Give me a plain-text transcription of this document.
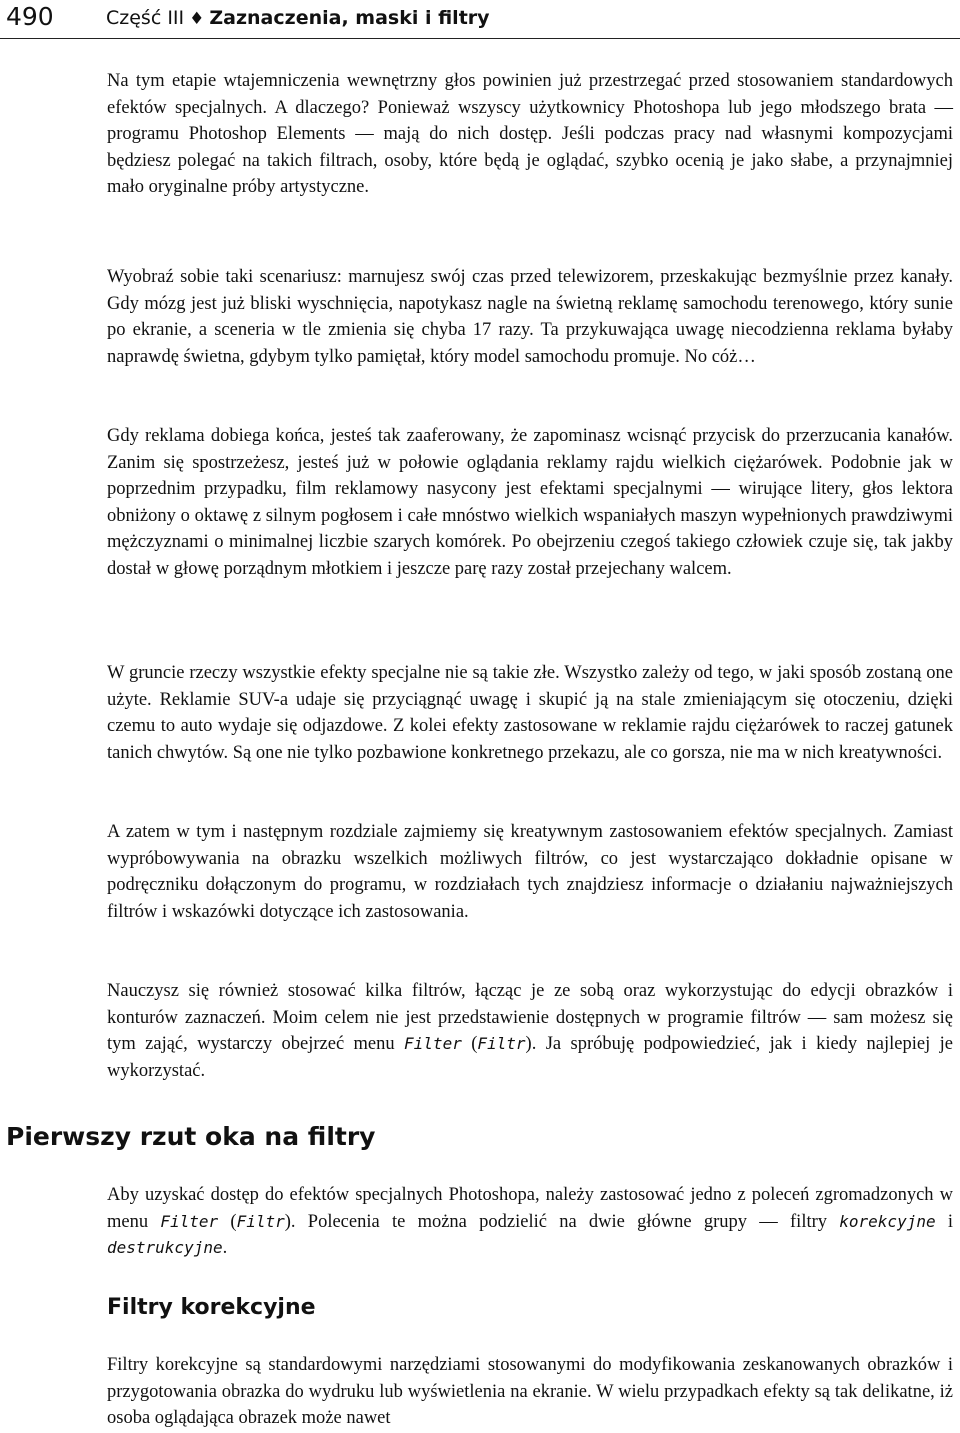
490	Część III ♦ Zaznaczenia, maski i filtry

Na tym etapie wtajemniczenia wewnętrzny głos powinien już przestrzegać przed stosowaniem standardowych efektów specjalnych. A dlaczego? Ponieważ wszyscy użytkownicy Photoshopa lub jego młodszego brata — programu Photoshop Elements — mają do nich dostęp. Jeśli podczas pracy nad własnymi kompozycjami będziesz polegać na takich filtrach, osoby, które będą je oglądać, szybko ocenią je jako słabe, a przynajmniej mało oryginalne próby artystyczne.

Wyobraź sobie taki scenariusz: marnujesz swój czas przed telewizorem, przeskakując bezmyślnie przez kanały. Gdy mózg jest już bliski wyschnięcia, napotykasz nagle na świetną reklamę samochodu terenowego, który sunie po ekranie, a sceneria w tle zmienia się chyba 17 razy. Ta przykuwająca uwagę niecodzienna reklama byłaby naprawdę świetna, gdybym tylko pamiętał, który model samochodu promuje. No cóż…

Gdy reklama dobiega końca, jesteś tak zaaferowany, że zapominasz wcisnąć przycisk do przerzucania kanałów. Zanim się spostrzeżesz, jesteś już w połowie oglądania reklamy rajdu wielkich ciężarówek. Podobnie jak w poprzednim przypadku, film reklamowy nasycony jest efektami specjalnymi — wirujące litery, głos lektora obniżony o oktawę z silnym pogłosem i całe mnóstwo wielkich wspaniałych maszyn wypełnionych prawdziwymi mężczyznami o minimalnej liczbie szarych komórek. Po obejrzeniu czegoś takiego człowiek czuje się, tak jakby dostał w głowę porządnym młotkiem i jeszcze parę razy został przejechany walcem.

W gruncie rzeczy wszystkie efekty specjalne nie są takie złe. Wszystko zależy od tego, w jaki sposób zostaną one użyte. Reklamie SUV-a udaje się przyciągnąć uwagę i skupić ją na stale zmieniającym się otoczeniu, dzięki czemu to auto wydaje się odjazdowe. Z kolei efekty zastosowane w reklamie rajdu ciężarówek to raczej gatunek tanich chwytów. Są one nie tylko pozbawione konkretnego przekazu, ale co gorsza, nie ma w nich kreatywności.

A zatem w tym i następnym rozdziale zajmiemy się kreatywnym zastosowaniem efektów specjalnych. Zamiast wypróbowywania na obrazku wszelkich możliwych filtrów, co jest wystarczająco dokładnie opisane w podręczniku dołączonym do programu, w rozdziałach tych znajdziesz informacje o działaniu najważniejszych filtrów i wskazówki dotyczące ich zastosowania.

Nauczysz się również stosować kilka filtrów, łącząc je ze sobą oraz wykorzystując do edycji obrazków i konturów zaznaczeń. Moim celem nie jest przedstawienie dostępnych w programie filtrów — sam możesz się tym zająć, wystarczy obejrzeć menu Filter (Filtr). Ja spróbuję podpowiedzieć, jak i kiedy najlepiej je wykorzystać.

Pierwszy rzut oka na filtry

Aby uzyskać dostęp do efektów specjalnych Photoshopa, należy zastosować jedno z poleceń zgromadzonych w menu Filter (Filtr). Polecenia te można podzielić na dwie główne grupy — filtry korekcyjne i destrukcyjne.

Filtry korekcyjne

Filtry korekcyjne są standardowymi narzędziami stosowanymi do modyfikowania zeskanowanych obrazków i przygotowania obrazka do wydruku lub wyświetlenia na ekranie. W wielu przypadkach efekty są tak delikatne, iż osoba oglądająca obrazek może nawet
